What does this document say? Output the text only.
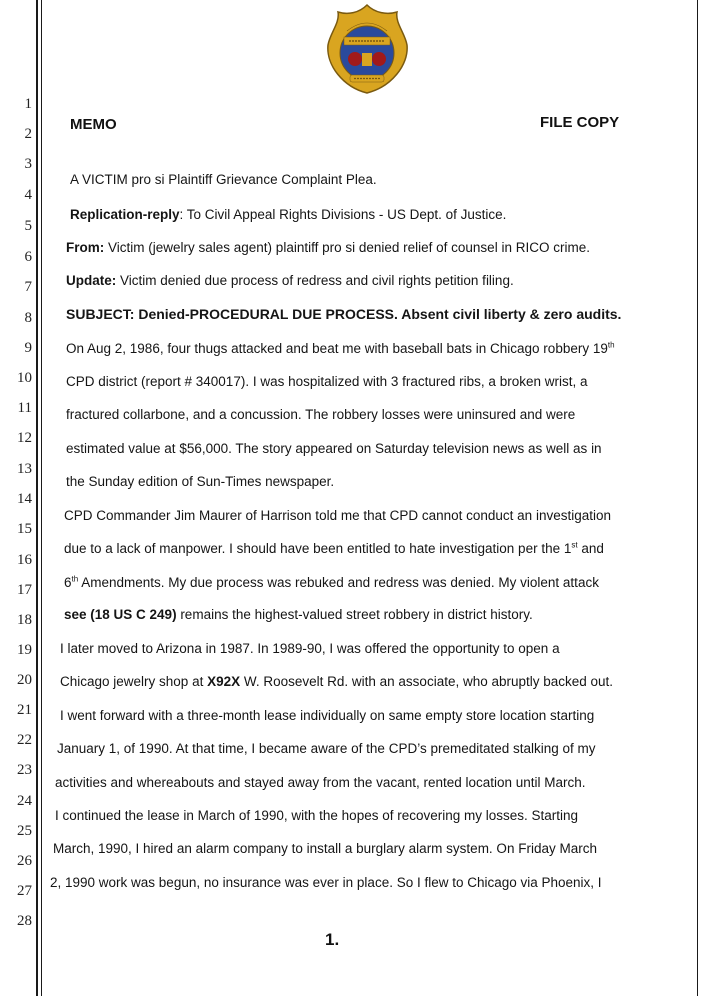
1
2
3
4
5
6
7
8
9
10
11
12
13
14
15
16
17
18
19
20
21
22
23
24
25
26
27
28
MEMO	FILE COPY
A VICTIM pro si Plaintiff Grievance Complaint Plea.
Replication-reply: To Civil Appeal Rights Divisions - US Dept. of Justice.
From: Victim (jewelry sales agent) plaintiff pro si denied relief of counsel in RICO crime.
Update: Victim denied due process of redress and civil rights petition filing.
SUBJECT: Denied-PROCEDURAL DUE PROCESS. Absent civil liberty & zero audits.
On Aug 2, 1986, four thugs attacked and beat me with baseball bats in Chicago robbery 19th
CPD district (report # 340017). I was hospitalized with 3 fractured ribs, a broken wrist, a
fractured collarbone, and a concussion. The robbery losses were uninsured and were
estimated value at $56,000. The story appeared on Saturday television news as well as in
the Sunday edition of Sun-Times newspaper.
CPD Commander Jim Maurer of Harrison told me that CPD cannot conduct an investigation
due to a lack of manpower. I should have been entitled to hate investigation per the 1st and
6th Amendments. My due process was rebuked and redress was denied. My violent attack
see (18 US C 249) remains the highest-valued street robbery in district history.
I later moved to Arizona in 1987. In 1989-90, I was offered the opportunity to open a
Chicago jewelry shop at X92X W. Roosevelt Rd. with an associate, who abruptly backed out.
I went forward with a three-month lease individually on same empty store location starting
January 1, of 1990. At that time, I became aware of the CPD’s premeditated stalking of my
activities and whereabouts and stayed away from the vacant, rented location until March.
I continued the lease in March of 1990, with the hopes of recovering my losses. Starting
March, 1990, I hired an alarm company to install a burglary alarm system. On Friday March
2, 1990 work was begun, no insurance was ever in place. So I flew to Chicago via Phoenix, I
1.
